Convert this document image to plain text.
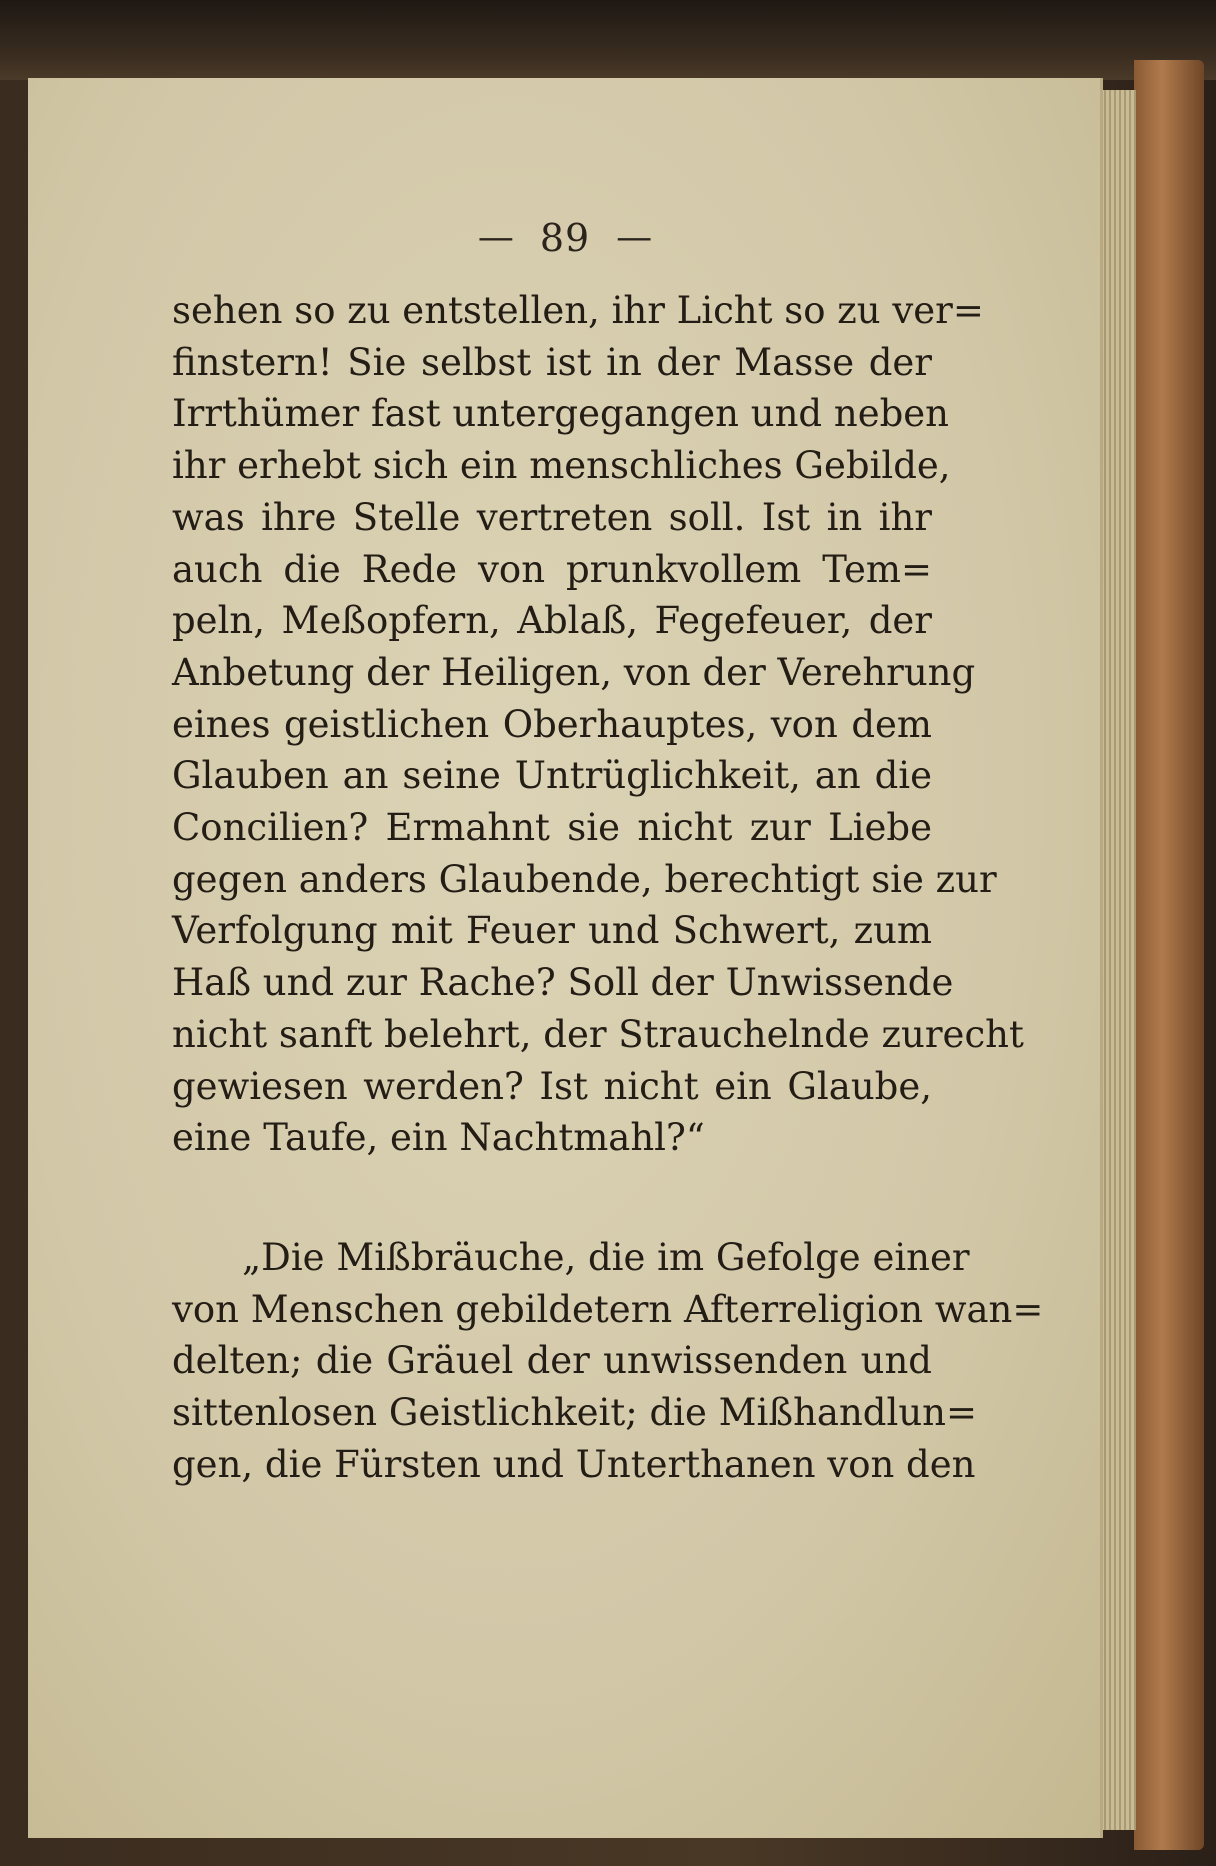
— 89 —
sehen so zu entstellen, ihr Licht so zu ver=
finstern! Sie selbst ist in der Masse der
Irrthümer fast untergegangen und neben
ihr erhebt sich ein menschliches Gebilde,
was ihre Stelle vertreten soll. Ist in ihr
auch die Rede von prunkvollem Tem=
peln, Meßopfern, Ablaß, Fegefeuer, der
Anbetung der Heiligen, von der Verehrung
eines geistlichen Oberhauptes, von dem
Glauben an seine Untrüglichkeit, an die
Concilien? Ermahnt sie nicht zur Liebe
gegen anders Glaubende, berechtigt sie zur
Verfolgung mit Feuer und Schwert, zum
Haß und zur Rache? Soll der Unwissende
nicht sanft belehrt, der Strauchelnde zurecht
gewiesen werden? Ist nicht ein Glaube,
eine Taufe, ein Nachtmahl?“
„Die Mißbräuche, die im Gefolge einer
von Menschen gebildetern Afterreligion wan=
delten; die Gräuel der unwissenden und
sittenlosen Geistlichkeit; die Mißhandlun=
gen, die Fürsten und Unterthanen von den
